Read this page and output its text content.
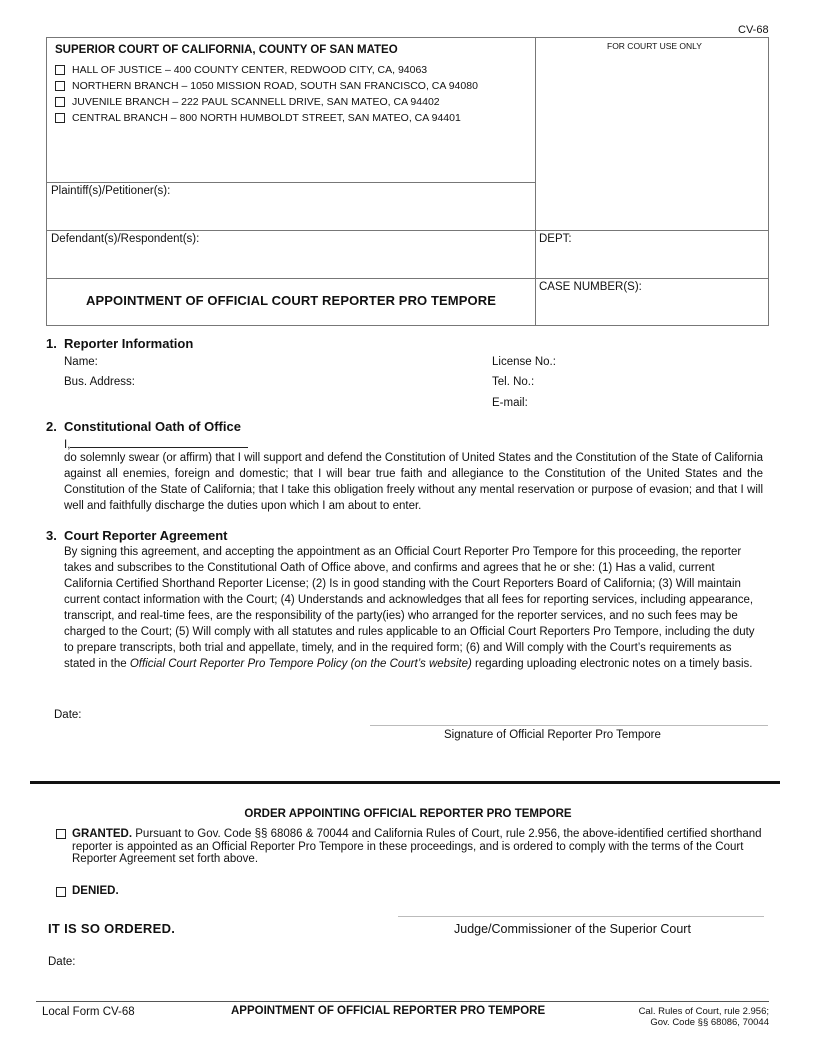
CV-68
SUPERIOR COURT OF CALIFORNIA, COUNTY OF SAN MATEO
HALL OF JUSTICE – 400 COUNTY CENTER, REDWOOD CITY, CA, 94063
NORTHERN BRANCH – 1050 MISSION ROAD, SOUTH SAN FRANCISCO, CA 94080
JUVENILE BRANCH – 222 PAUL SCANNELL DRIVE, SAN MATEO, CA 94402
CENTRAL BRANCH – 800 NORTH HUMBOLDT STREET, SAN MATEO, CA 94401
FOR COURT USE ONLY
Plaintiff(s)/Petitioner(s):
Defendant(s)/Respondent(s):	DEPT:
CASE NUMBER(S):
APPOINTMENT OF OFFICIAL COURT REPORTER PRO TEMPORE
1. Reporter Information
Name:
Bus. Address:
License No.:
Tel. No.:
E-mail:
2. Constitutional Oath of Office
I,
do solemnly swear (or affirm) that I will support and defend the Constitution of United States and the Constitution of the State of California against all enemies, foreign and domestic; that I will bear true faith and allegiance to the Constitution of the United States and the Constitution of the State of California; that I take this obligation freely without any mental reservation or purpose of evasion; and that I will well and faithfully discharge the duties upon which I am about to enter.
3. Court Reporter Agreement
By signing this agreement, and accepting the appointment as an Official Court Reporter Pro Tempore for this proceeding, the reporter takes and subscribes to the Constitutional Oath of Office above, and confirms and agrees that he or she: (1) Has a valid, current California Certified Shorthand Reporter License; (2) Is in good standing with the Court Reporters Board of California; (3) Will maintain current contact information with the Court; (4) Understands and acknowledges that all fees for reporting services, including appearance, transcript, and real-time fees, are the responsibility of the party(ies) who arranged for the reporter services, and no such fees may be charged to the Court; (5) Will comply with all statutes and rules applicable to an Official Court Reporters Pro Tempore, including the duty to prepare transcripts, both trial and appellate, timely, and in the required form; (6) and Will comply with the Court’s requirements as stated in the Official Court Reporter Pro Tempore Policy (on the Court’s website) regarding uploading electronic notes on a timely basis.
Date:
Signature of Official Reporter Pro Tempore
ORDER APPOINTING OFFICIAL REPORTER PRO TEMPORE
GRANTED. Pursuant to Gov. Code §§ 68086 & 70044 and California Rules of Court, rule 2.956, the above-identified certified shorthand reporter is appointed as an Official Reporter Pro Tempore in these proceedings, and is ordered to comply with the terms of the Court Reporter Agreement set forth above.
DENIED.
IT IS SO ORDERED.	Judge/Commissioner of the Superior Court
Date:
Local Form CV-68	APPOINTMENT OF OFFICIAL REPORTER PRO TEMPORE	Cal. Rules of Court, rule 2.956;
Gov. Code §§ 68086, 70044
